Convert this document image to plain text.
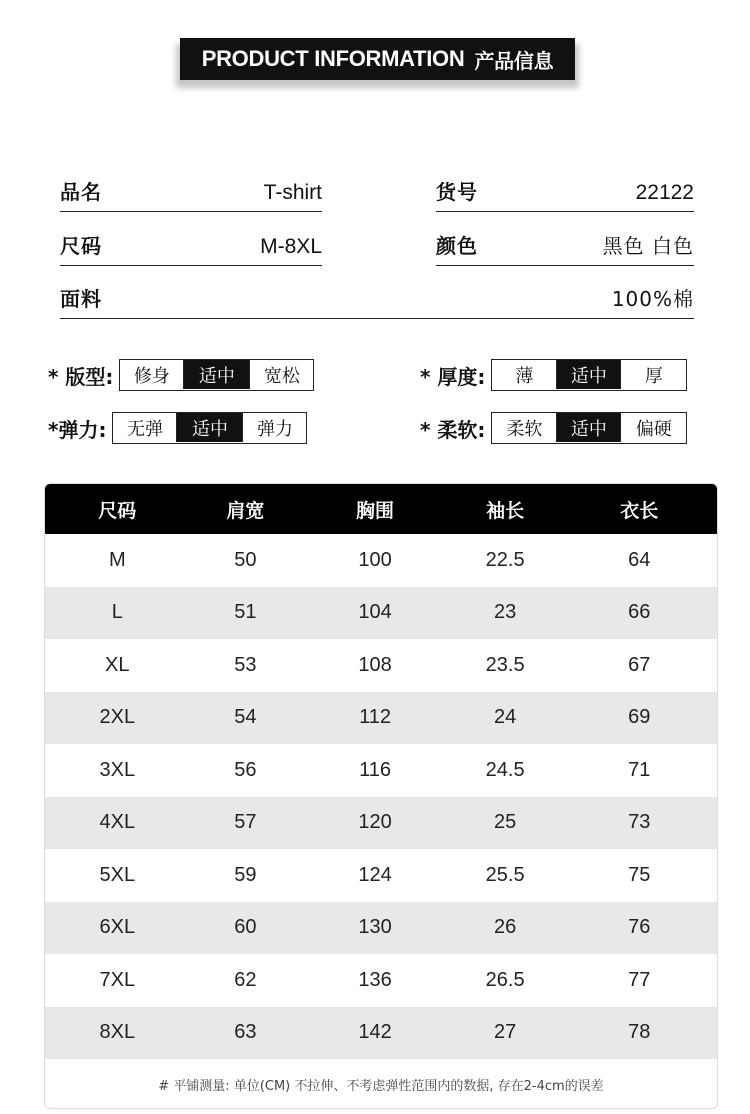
PRODUCT INFORMATION 产品信息
品名	T-shirt	货号	22122
尺码	M-8XL	颜色	黑色 白色
面料	100%棉
* 版型:	修身	适中	宽松	* 厚度:	薄	适中	厚
*弹力:	无弹	适中	弹力	* 柔软:	柔软	适中	偏硬
尺码	肩宽	胸围	袖长	衣长
M	50	100	22.5	64
L	51	104	23	66
XL	53	108	23.5	67
2XL	54	112	24	69
3XL	56	116	24.5	71
4XL	57	120	25	73
5XL	59	124	25.5	75
6XL	60	130	26	76
7XL	62	136	26.5	77
8XL	63	142	27	78
# 平铺测量: 单位(CM) 不拉伸、不考虑弹性范围内的数据, 存在2-4cm的误差
